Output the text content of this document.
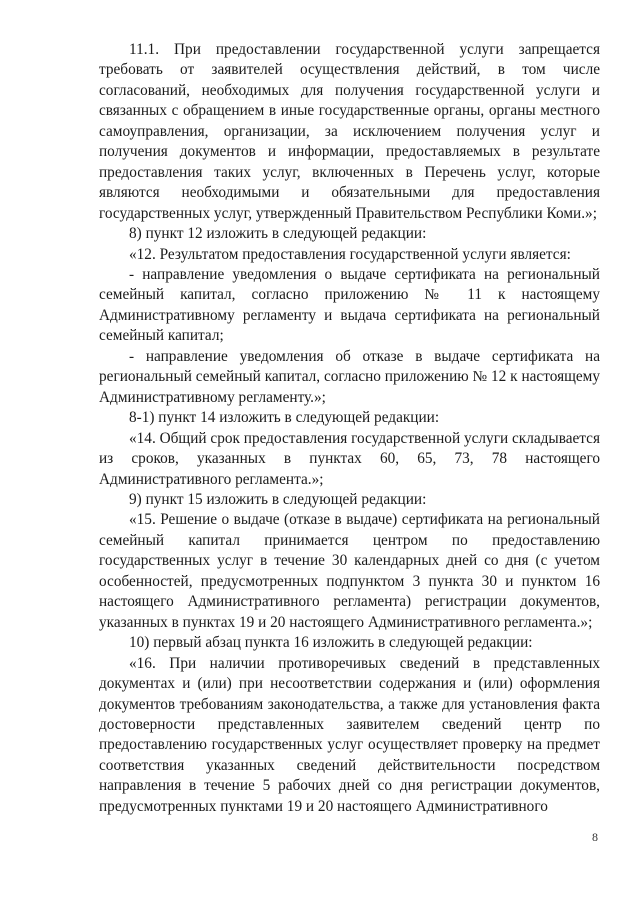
11.1. При предоставлении государственной услуги запрещается требовать от заявителей осуществления действий, в том числе согласований, необходимых для получения государственной услуги и связанных с обращением в иные государственные органы, органы местного самоуправления, организации, за исключением получения услуг и получения документов и информации, предоставляемых в результате предоставления таких услуг, включенных в Перечень услуг, которые являются необходимыми и обязательными для предоставления государственных услуг, утвержденный Правительством Республики Коми.»;

8) пункт 12 изложить в следующей редакции:

«12. Результатом предоставления государственной услуги является:

- направление уведомления о выдаче сертификата на региональный семейный капитал, согласно приложению № 11 к настоящему Административному регламенту и выдача сертификата на региональный семейный капитал;

- направление уведомления об отказе в выдаче сертификата на региональный семейный капитал, согласно приложению № 12 к настоящему Административному регламенту.»;

8-1) пункт 14 изложить в следующей редакции:

«14. Общий срок предоставления государственной услуги складывается из сроков, указанных в пунктах 60, 65, 73, 78 настоящего Административного регламента.»;

9) пункт 15 изложить в следующей редакции:

«15. Решение о выдаче (отказе в выдаче) сертификата на региональный семейный капитал принимается центром по предоставлению государственных услуг в течение 30 календарных дней со дня (с учетом особенностей, предусмотренных подпунктом 3 пункта 30 и пунктом 16 настоящего Административного регламента) регистрации документов, указанных в пунктах 19 и 20 настоящего Административного регламента.»;

10) первый абзац пункта 16 изложить в следующей редакции:

«16. При наличии противоречивых сведений в представленных документах и (или) при несоответствии содержания и (или) оформления документов требованиям законодательства, а также для установления факта достоверности представленных заявителем сведений центр по предоставлению государственных услуг осуществляет проверку на предмет соответствия указанных сведений действительности посредством направления в течение 5 рабочих дней со дня регистрации документов, предусмотренных пунктами 19 и 20 настоящего Административного

8
